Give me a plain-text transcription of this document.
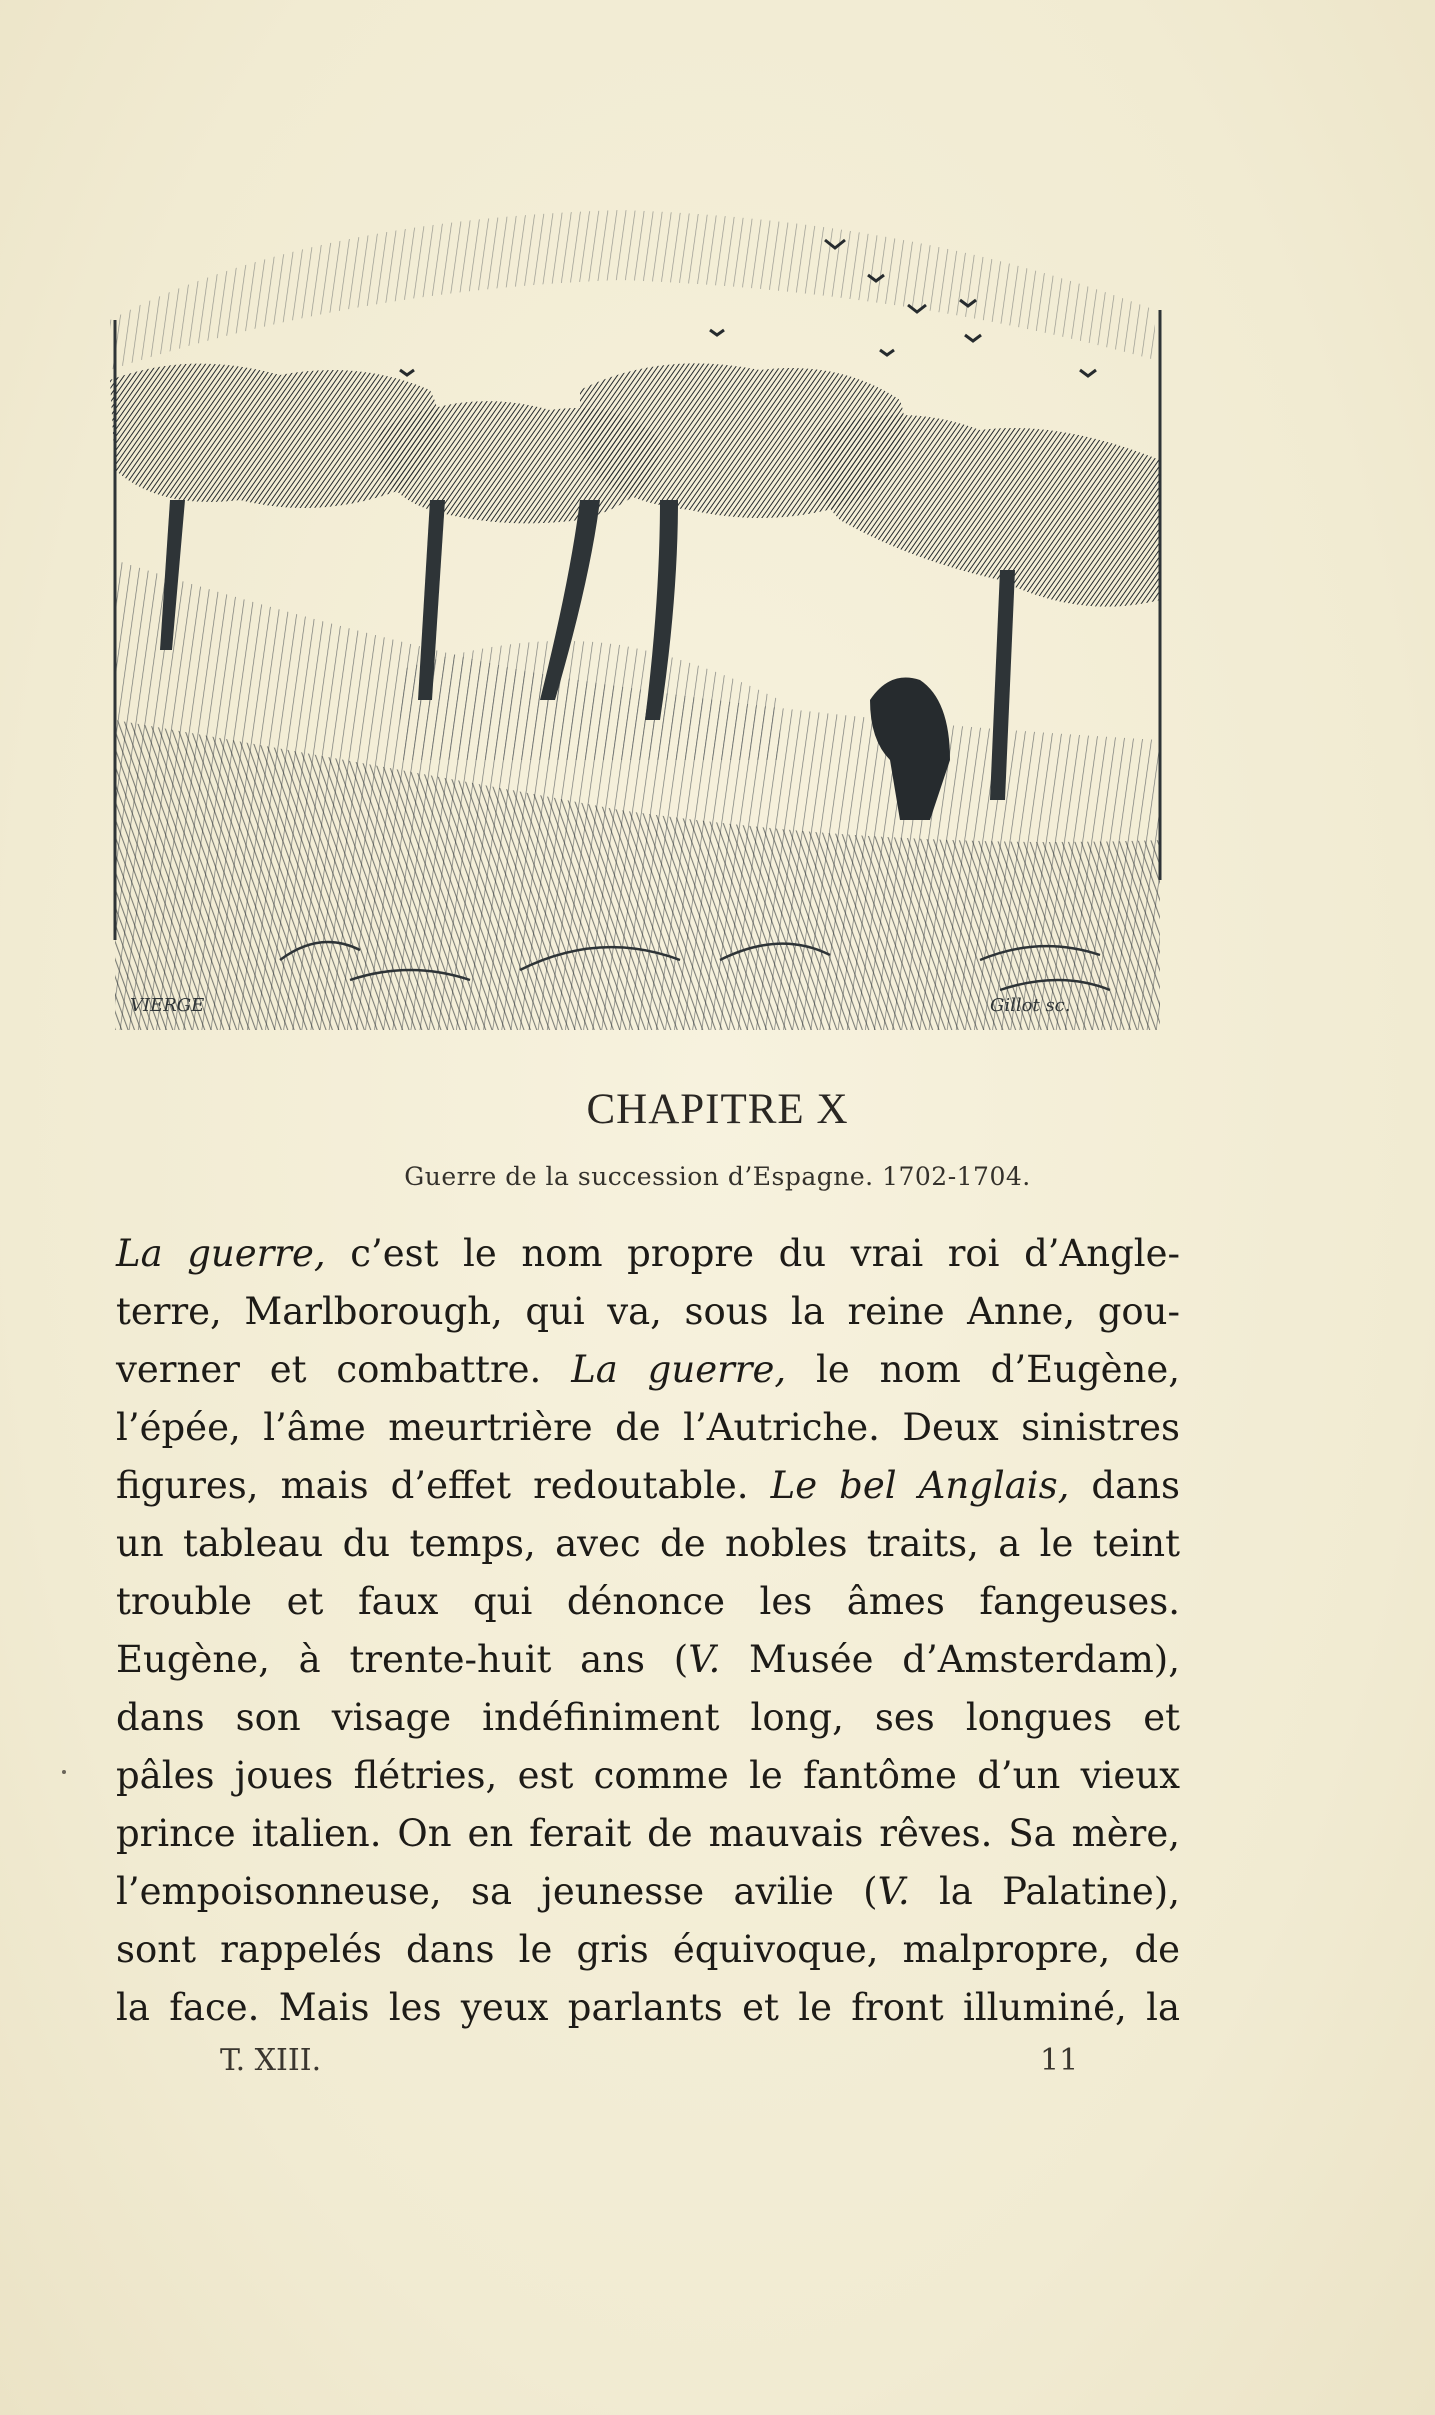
VIERGE	Gillot sc.
CHAPITRE X
Guerre de la succession d’Espagne. 1702-1704.
La guerre, c’est le nom propre du vrai roi d’Angle-
terre, Marlborough, qui va, sous la reine Anne, gou-
verner et combattre. La guerre, le nom d’Eugène,
l’épée, l’âme meurtrière de l’Autriche. Deux sinistres
figures, mais d’effet redoutable. Le bel Anglais, dans
un tableau du temps, avec de nobles traits, a le teint
trouble et faux qui dénonce les âmes fangeuses.
Eugène, à trente-huit ans (V. Musée d’Amsterdam),
dans son visage indéfiniment long, ses longues et
pâles joues flétries, est comme le fantôme d’un vieux
prince italien. On en ferait de mauvais rêves. Sa mère,
l’empoisonneuse, sa jeunesse avilie (V. la Palatine),
sont rappelés dans le gris équivoque, malpropre, de
la face. Mais les yeux parlants et le front illuminé, la
T. XIII.	11
